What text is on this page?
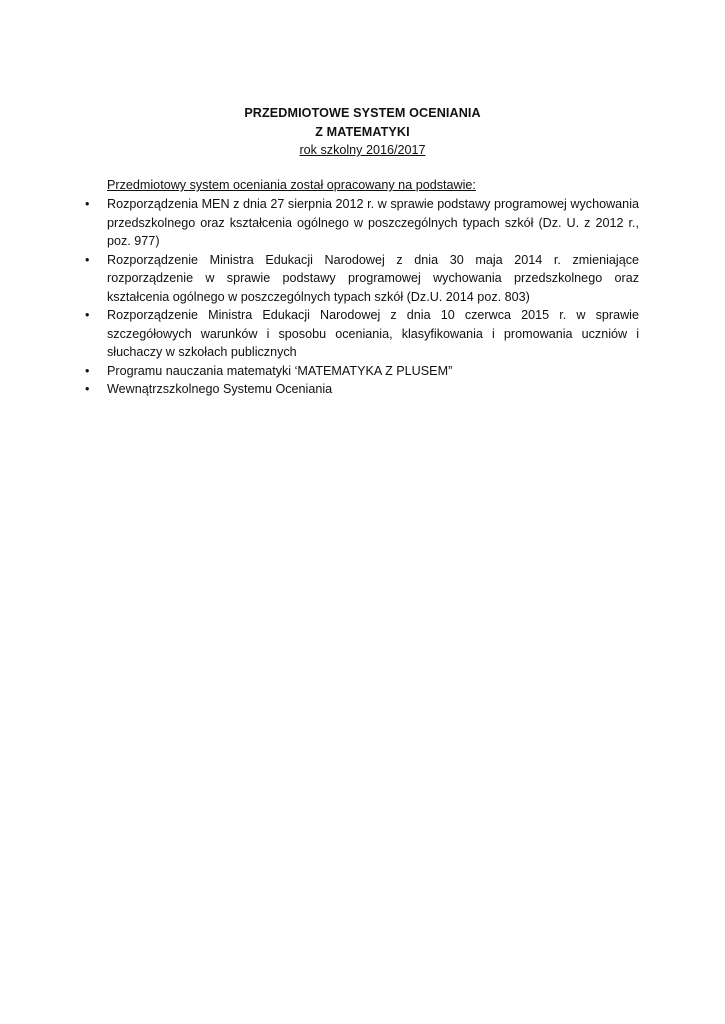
PRZEDMIOTOWE SYSTEM OCENIANIA
Z MATEMATYKI
rok szkolny 2016/2017
Przedmiotowy system oceniania został opracowany na podstawie:
•	Rozporządzenia MEN z dnia 27 sierpnia 2012 r. w sprawie podstawy programowej wychowania przedszkolnego oraz kształcenia ogólnego w poszczególnych typach szkół (Dz. U. z 2012 r., poz. 977)
•	Rozporządzenie Ministra Edukacji Narodowej z dnia 30 maja 2014 r. zmieniające rozporządzenie w sprawie podstawy programowej wychowania przedszkolnego oraz kształcenia ogólnego w poszczególnych typach szkół (Dz.U. 2014 poz. 803)
•	Rozporządzenie Ministra Edukacji Narodowej z dnia 10 czerwca 2015 r. w sprawie szczegółowych warunków i sposobu oceniania, klasyfikowania i promowania uczniów i słuchaczy w szkołach publicznych
•	Programu nauczania matematyki ‘MATEMATYKA Z PLUSEM”
•	Wewnątrzszkolnego Systemu Oceniania
